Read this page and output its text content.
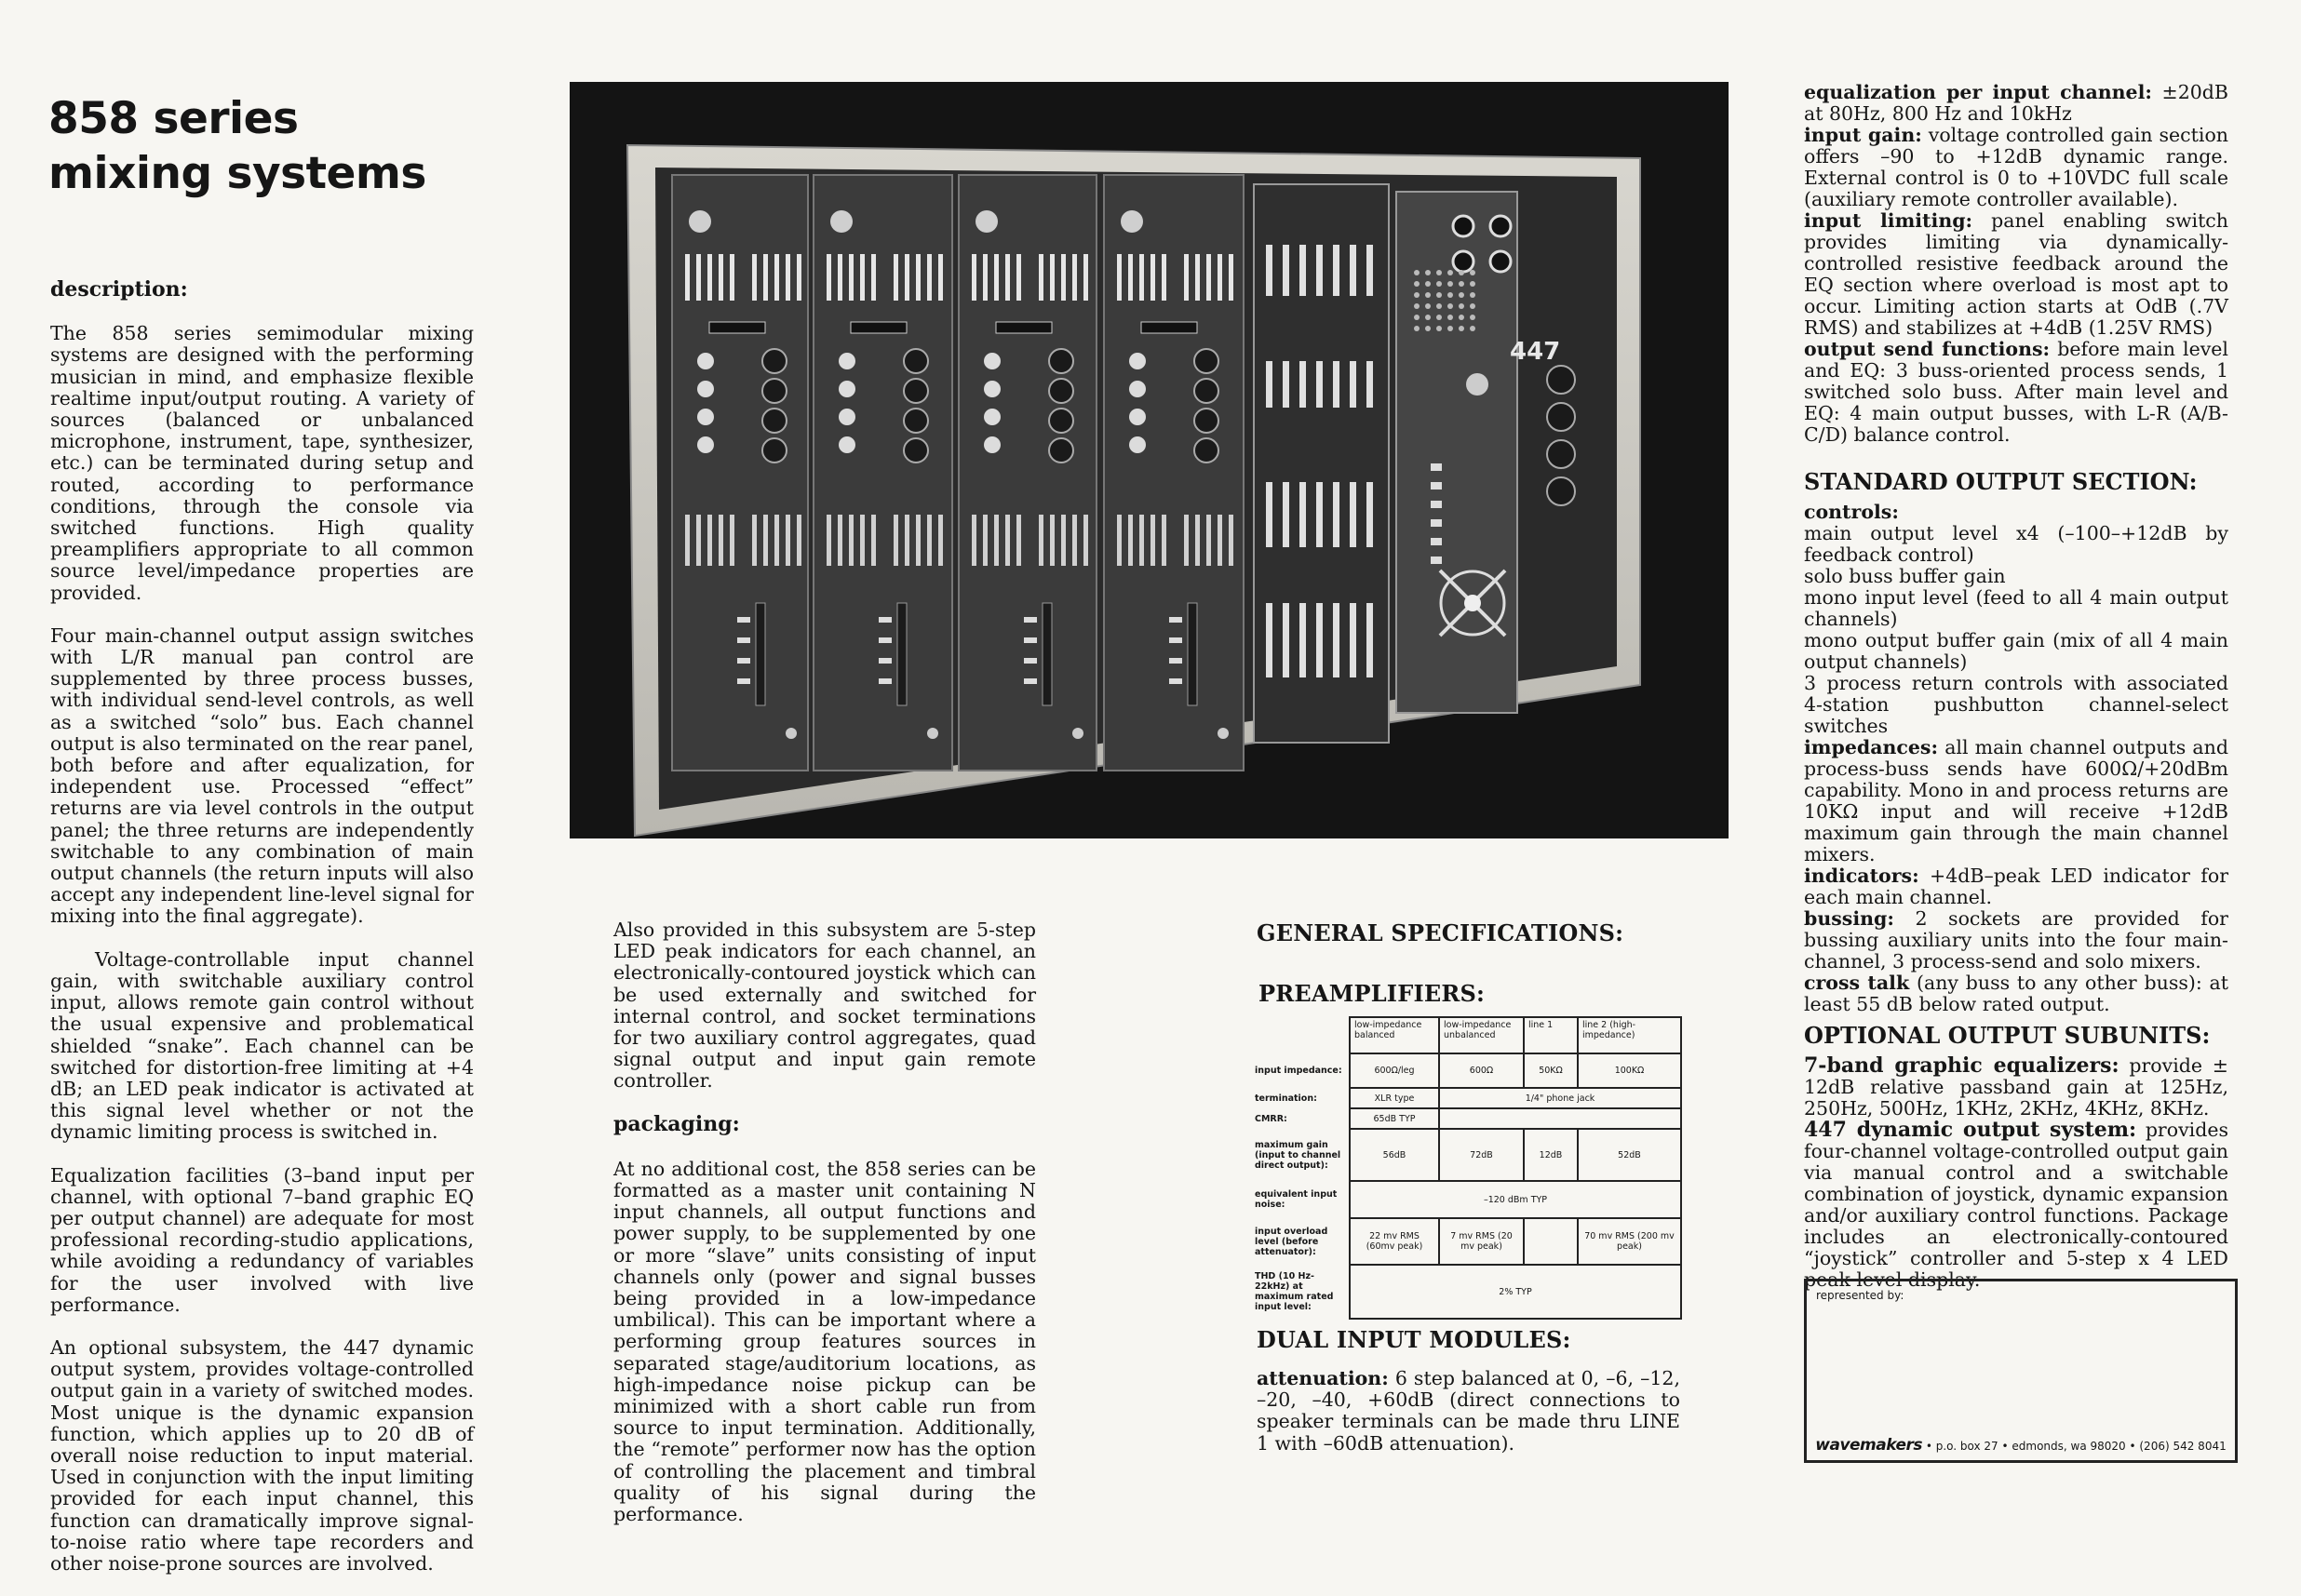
858 series
mixing systems

description:

The 858 series semimodular mixing systems are designed with the performing musician in mind, and emphasize flexible realtime input/output routing. A variety of sources (balanced or unbalanced microphone, instrument, tape, synthesizer, etc.) can be terminated during setup and routed, according to performance conditions, through the console via switched functions. High quality preamplifiers appropriate to all common source level/impedance properties are provided.

Four main-channel output assign switches with L/R manual pan control are supplemented by three process busses, with individual send-level controls, as well as a switched “solo” bus. Each channel output is also terminated on the rear panel, both before and after equalization, for independent use. Processed “effect” returns are via level controls in the output panel; the three returns are independently switchable to any combination of main output channels (the return inputs will also accept any independent line-level signal for mixing into the final aggregate).

Voltage-controllable input channel gain, with switchable auxiliary control input, allows remote gain control without the usual expensive and problematical shielded “snake”. Each channel can be switched for distortion-free limiting at +4 dB; an LED peak indicator is activated at this signal level whether or not the dynamic limiting process is switched in.

Equalization facilities (3–band input per channel, with optional 7–band graphic EQ per output channel) are adequate for most professional recording-studio applications, while avoiding a redundancy of variables for the user involved with live performance.

An optional subsystem, the 447 dynamic output system, provides voltage-controlled output gain in a variety of switched modes. Most unique is the dynamic expansion function, which applies up to 20 dB of overall noise reduction to input material. Used in conjunction with the input limiting provided for each input channel, this function can dramatically improve signal-to-noise ratio where tape recorders and other noise-prone sources are involved.

447

Also provided in this subsystem are 5-step LED peak indicators for each channel, an electronically-contoured joystick which can be used externally and switched for internal control, and socket terminations for two auxiliary control aggregates, quad signal output and input gain remote controller.

packaging:

At no additional cost, the 858 series can be formatted as a master unit containing N input channels, all output functions and power supply, to be supplemented by one or more “slave” units consisting of input channels only (power and signal busses being provided in a low-impedance umbilical). This can be important where a performing group features sources in separated stage/auditorium locations, as high-impedance noise pickup can be minimized with a short cable run from source to input termination. Additionally, the “remote” performer now has the option of controlling the placement and timbral quality of his signal during the performance.

GENERAL SPECIFICATIONS:
PREAMPLIFIERS:
	low-impedance balanced	low-impedance unbalanced	line 1	line 2 (high-impedance)
input impedance:	600Ω/leg	600Ω	50KΩ	100KΩ
termination:	XLR type	1/4" phone jack		
CMRR:	65dB TYP			
maximum gain (input to channel direct output):	56dB	72dB	12dB	52dB
equivalent input noise:	–120 dBm TYP			
input overload level (before attenuator):	22 mv RMS (60mv peak)	7 mv RMS (20 mv peak)		70 mv RMS (200 mv peak)
THD (10 Hz-22kHz) at maximum rated input level:	2% TYP			
DUAL INPUT MODULES:
attenuation: 6 step balanced at 0, –6, –12, –20, –40, +60dB (direct connections to speaker terminals can be made thru LINE 1 with –60dB attenuation).

equalization per input channel: ±20dB at 80Hz, 800 Hz and 10kHz

input gain: voltage controlled gain section offers –90 to +12dB dynamic range. External control is 0 to +10VDC full scale (auxiliary remote controller available).

input limiting: panel enabling switch provides limiting via dynamically-controlled resistive feedback around the EQ section where overload is most apt to occur. Limiting action starts at OdB (.7V RMS) and stabilizes at +4dB (1.25V RMS)

output send functions: before main level and EQ: 3 buss-oriented process sends, 1 switched solo buss. After main level and EQ: 4 main output busses, with L-R (A/B-C/D) balance control.

STANDARD OUTPUT SECTION:

controls:

main output level x4 (–100–+12dB by feedback control)

solo buss buffer gain

mono input level (feed to all 4 main output channels)

mono output buffer gain (mix of all 4 main output channels)

3 process return controls with associated 4-station pushbutton channel-select switches

impedances: all main channel outputs and process-buss sends have 600Ω/+20dBm capability. Mono in and process returns are 10KΩ input and will receive +12dB maximum gain through the main channel mixers.

indicators: +4dB–peak LED indicator for each main channel.

bussing: 2 sockets are provided for bussing auxiliary units into the four main-channel, 3 process-send and solo mixers.

cross talk (any buss to any other buss): at least 55 dB below rated output.

OPTIONAL OUTPUT SUBUNITS:

7-band graphic equalizers: provide ± 12dB relative passband gain at 125Hz, 250Hz, 500Hz, 1KHz, 2KHz, 4KHz, 8KHz.

447 dynamic output system: provides four-channel voltage-controlled output gain via manual control and a switchable combination of joystick, dynamic expansion and/or auxiliary control functions. Package includes an electronically-contoured “joystick” controller and 5-step x 4 LED peak level display.

represented by:
wavemakers • p.o. box 27 • edmonds, wa 98020 • (206) 542 8041
